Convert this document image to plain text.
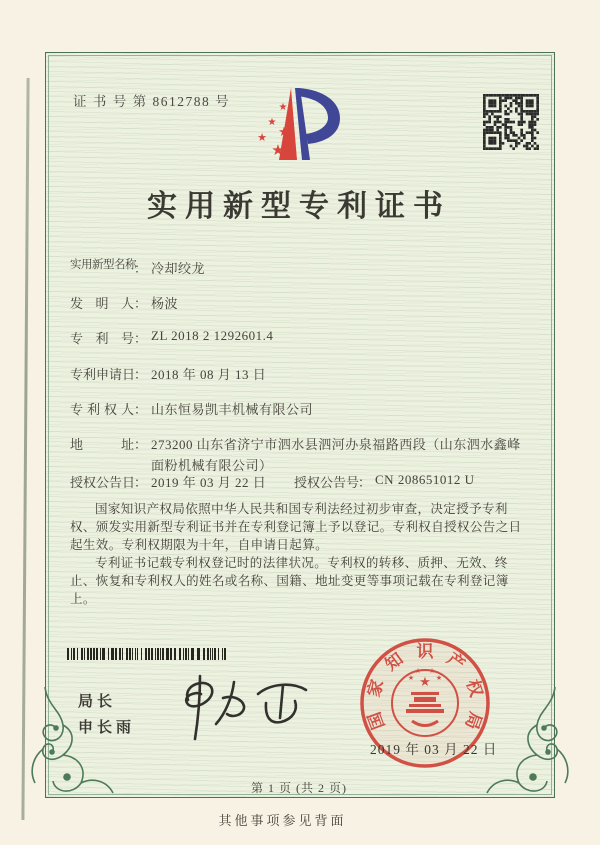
证 书 号 第 8612788 号	★
★
★
★
★
实用新型专利证书
实用新型名称： 冷却绞龙
发明人： 杨波
专利号： ZL 2018 2 1292601.4
专利申请日： 2018 年 08 月 13 日
专利权人： 山东恒易凯丰机械有限公司
地址： 273200 山东省济宁市泗水县泗河办泉福路西段（山东泗水鑫峰面粉机械有限公司）
授权公告日： 2019 年 03 月 22 日 授权公告号： CN 208651012 U

国家知识产权局依照中华人民共和国专利法经过初步审查，决定授予专利权、颁发实用新型专利证书并在专利登记簿上予以登记。专利权自授权公告之日起生效。专利权期限为十年，自申请日起算。

专利证书记载专利权登记时的法律状况。专利权的转移、质押、无效、终止、恢复和专利权人的姓名或名称、国籍、地址变更等事项记载在专利登记簿上。

局长
申长雨
★
★
★ ★
★
国
家
知 识 产
权
局
2019 年 03 月 22 日
第 1 页 (共 2 页)
其他事项参见背面
